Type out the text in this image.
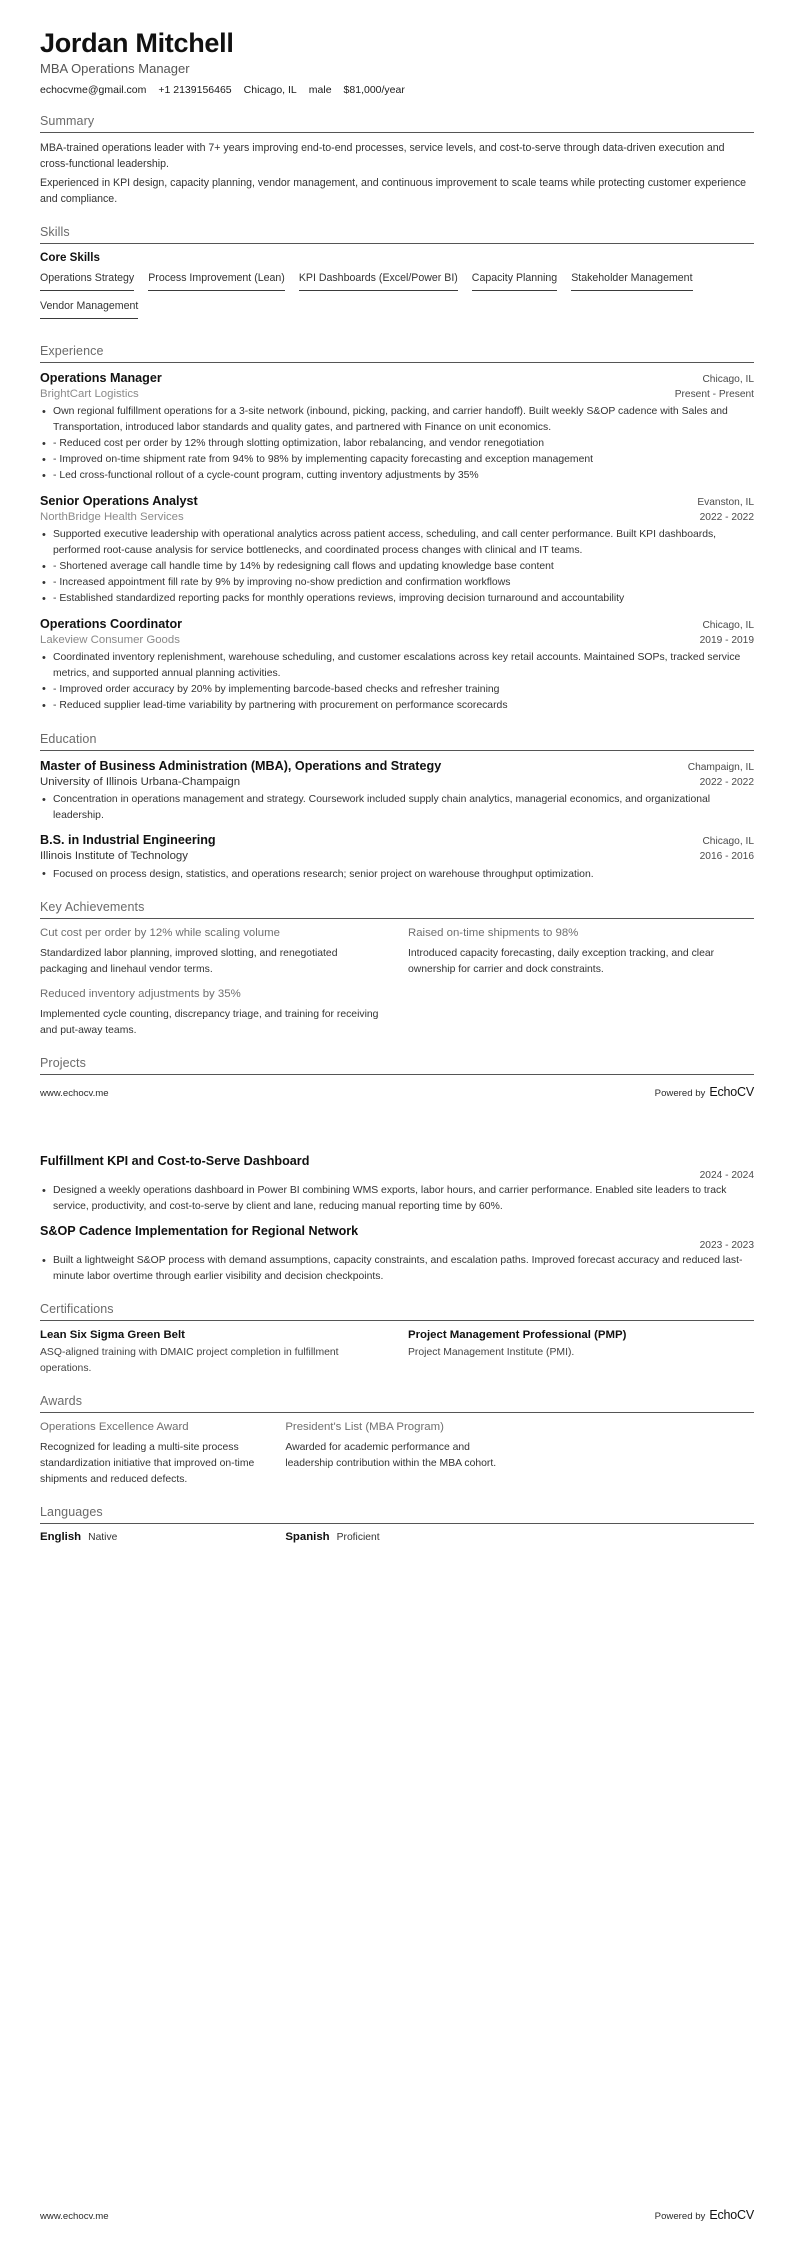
Jordan Mitchell
MBA Operations Manager
echocvme@gmail.com +1 2139156465 Chicago, IL male $81,000/year
Summary
MBA-trained operations leader with 7+ years improving end-to-end processes, service levels, and cost-to-serve through data-driven execution and cross-functional leadership.
Experienced in KPI design, capacity planning, vendor management, and continuous improvement to scale teams while protecting customer experience and compliance.
Skills
Core Skills
Operations Strategy Process Improvement (Lean) KPI Dashboards (Excel/Power BI) Capacity Planning Stakeholder Management
Vendor Management
Experience
Operations Manager	Chicago, IL
BrightCart Logistics	Present - Present
• Own regional fulfillment operations for a 3-site network (inbound, picking, packing, and carrier handoff). Built weekly S&OP cadence with Sales and Transportation, introduced labor standards and quality gates, and partnered with Finance on unit economics.
• - Reduced cost per order by 12% through slotting optimization, labor rebalancing, and vendor renegotiation
• - Improved on-time shipment rate from 94% to 98% by implementing capacity forecasting and exception management
• - Led cross-functional rollout of a cycle-count program, cutting inventory adjustments by 35%
Senior Operations Analyst	Evanston, IL
NorthBridge Health Services	2022 - 2022
• Supported executive leadership with operational analytics across patient access, scheduling, and call center performance. Built KPI dashboards, performed root-cause analysis for service bottlenecks, and coordinated process changes with clinical and IT teams.
• - Shortened average call handle time by 14% by redesigning call flows and updating knowledge base content
• - Increased appointment fill rate by 9% by improving no-show prediction and confirmation workflows
• - Established standardized reporting packs for monthly operations reviews, improving decision turnaround and accountability
Operations Coordinator	Chicago, IL
Lakeview Consumer Goods	2019 - 2019
• Coordinated inventory replenishment, warehouse scheduling, and customer escalations across key retail accounts. Maintained SOPs, tracked service metrics, and supported annual planning activities.
• - Improved order accuracy by 20% by implementing barcode-based checks and refresher training
• - Reduced supplier lead-time variability by partnering with procurement on performance scorecards
Education
Master of Business Administration (MBA), Operations and Strategy	Champaign, IL
University of Illinois Urbana-Champaign	2022 - 2022
• Concentration in operations management and strategy. Coursework included supply chain analytics, managerial economics, and organizational leadership.
B.S. in Industrial Engineering	Chicago, IL
Illinois Institute of Technology	2016 - 2016
• Focused on process design, statistics, and operations research; senior project on warehouse throughput optimization.
Key Achievements
Cut cost per order by 12% while scaling volume
Standardized labor planning, improved slotting, and renegotiated packaging and linehaul vendor terms.
Raised on-time shipments to 98%
Introduced capacity forecasting, daily exception tracking, and clear ownership for carrier and dock constraints.
Reduced inventory adjustments by 35%
Implemented cycle counting, discrepancy triage, and training for receiving and put-away teams.
Projects
www.echocv.me	Powered by EchoCV
Fulfillment KPI and Cost-to-Serve Dashboard
2024 - 2024
• Designed a weekly operations dashboard in Power BI combining WMS exports, labor hours, and carrier performance. Enabled site leaders to track service, productivity, and cost-to-serve by client and lane, reducing manual reporting time by 60%.
S&OP Cadence Implementation for Regional Network
2023 - 2023
• Built a lightweight S&OP process with demand assumptions, capacity constraints, and escalation paths. Improved forecast accuracy and reduced last-minute labor overtime through earlier visibility and decision checkpoints.
Certifications
Lean Six Sigma Green Belt
ASQ-aligned training with DMAIC project completion in fulfillment operations.
Project Management Professional (PMP)
Project Management Institute (PMI).
Awards
Operations Excellence Award
Recognized for leading a multi-site process standardization initiative that improved on-time shipments and reduced defects.
President's List (MBA Program)
Awarded for academic performance and leadership contribution within the MBA cohort.
Languages
English Native	Spanish Proficient
www.echocv.me	Powered by EchoCV
